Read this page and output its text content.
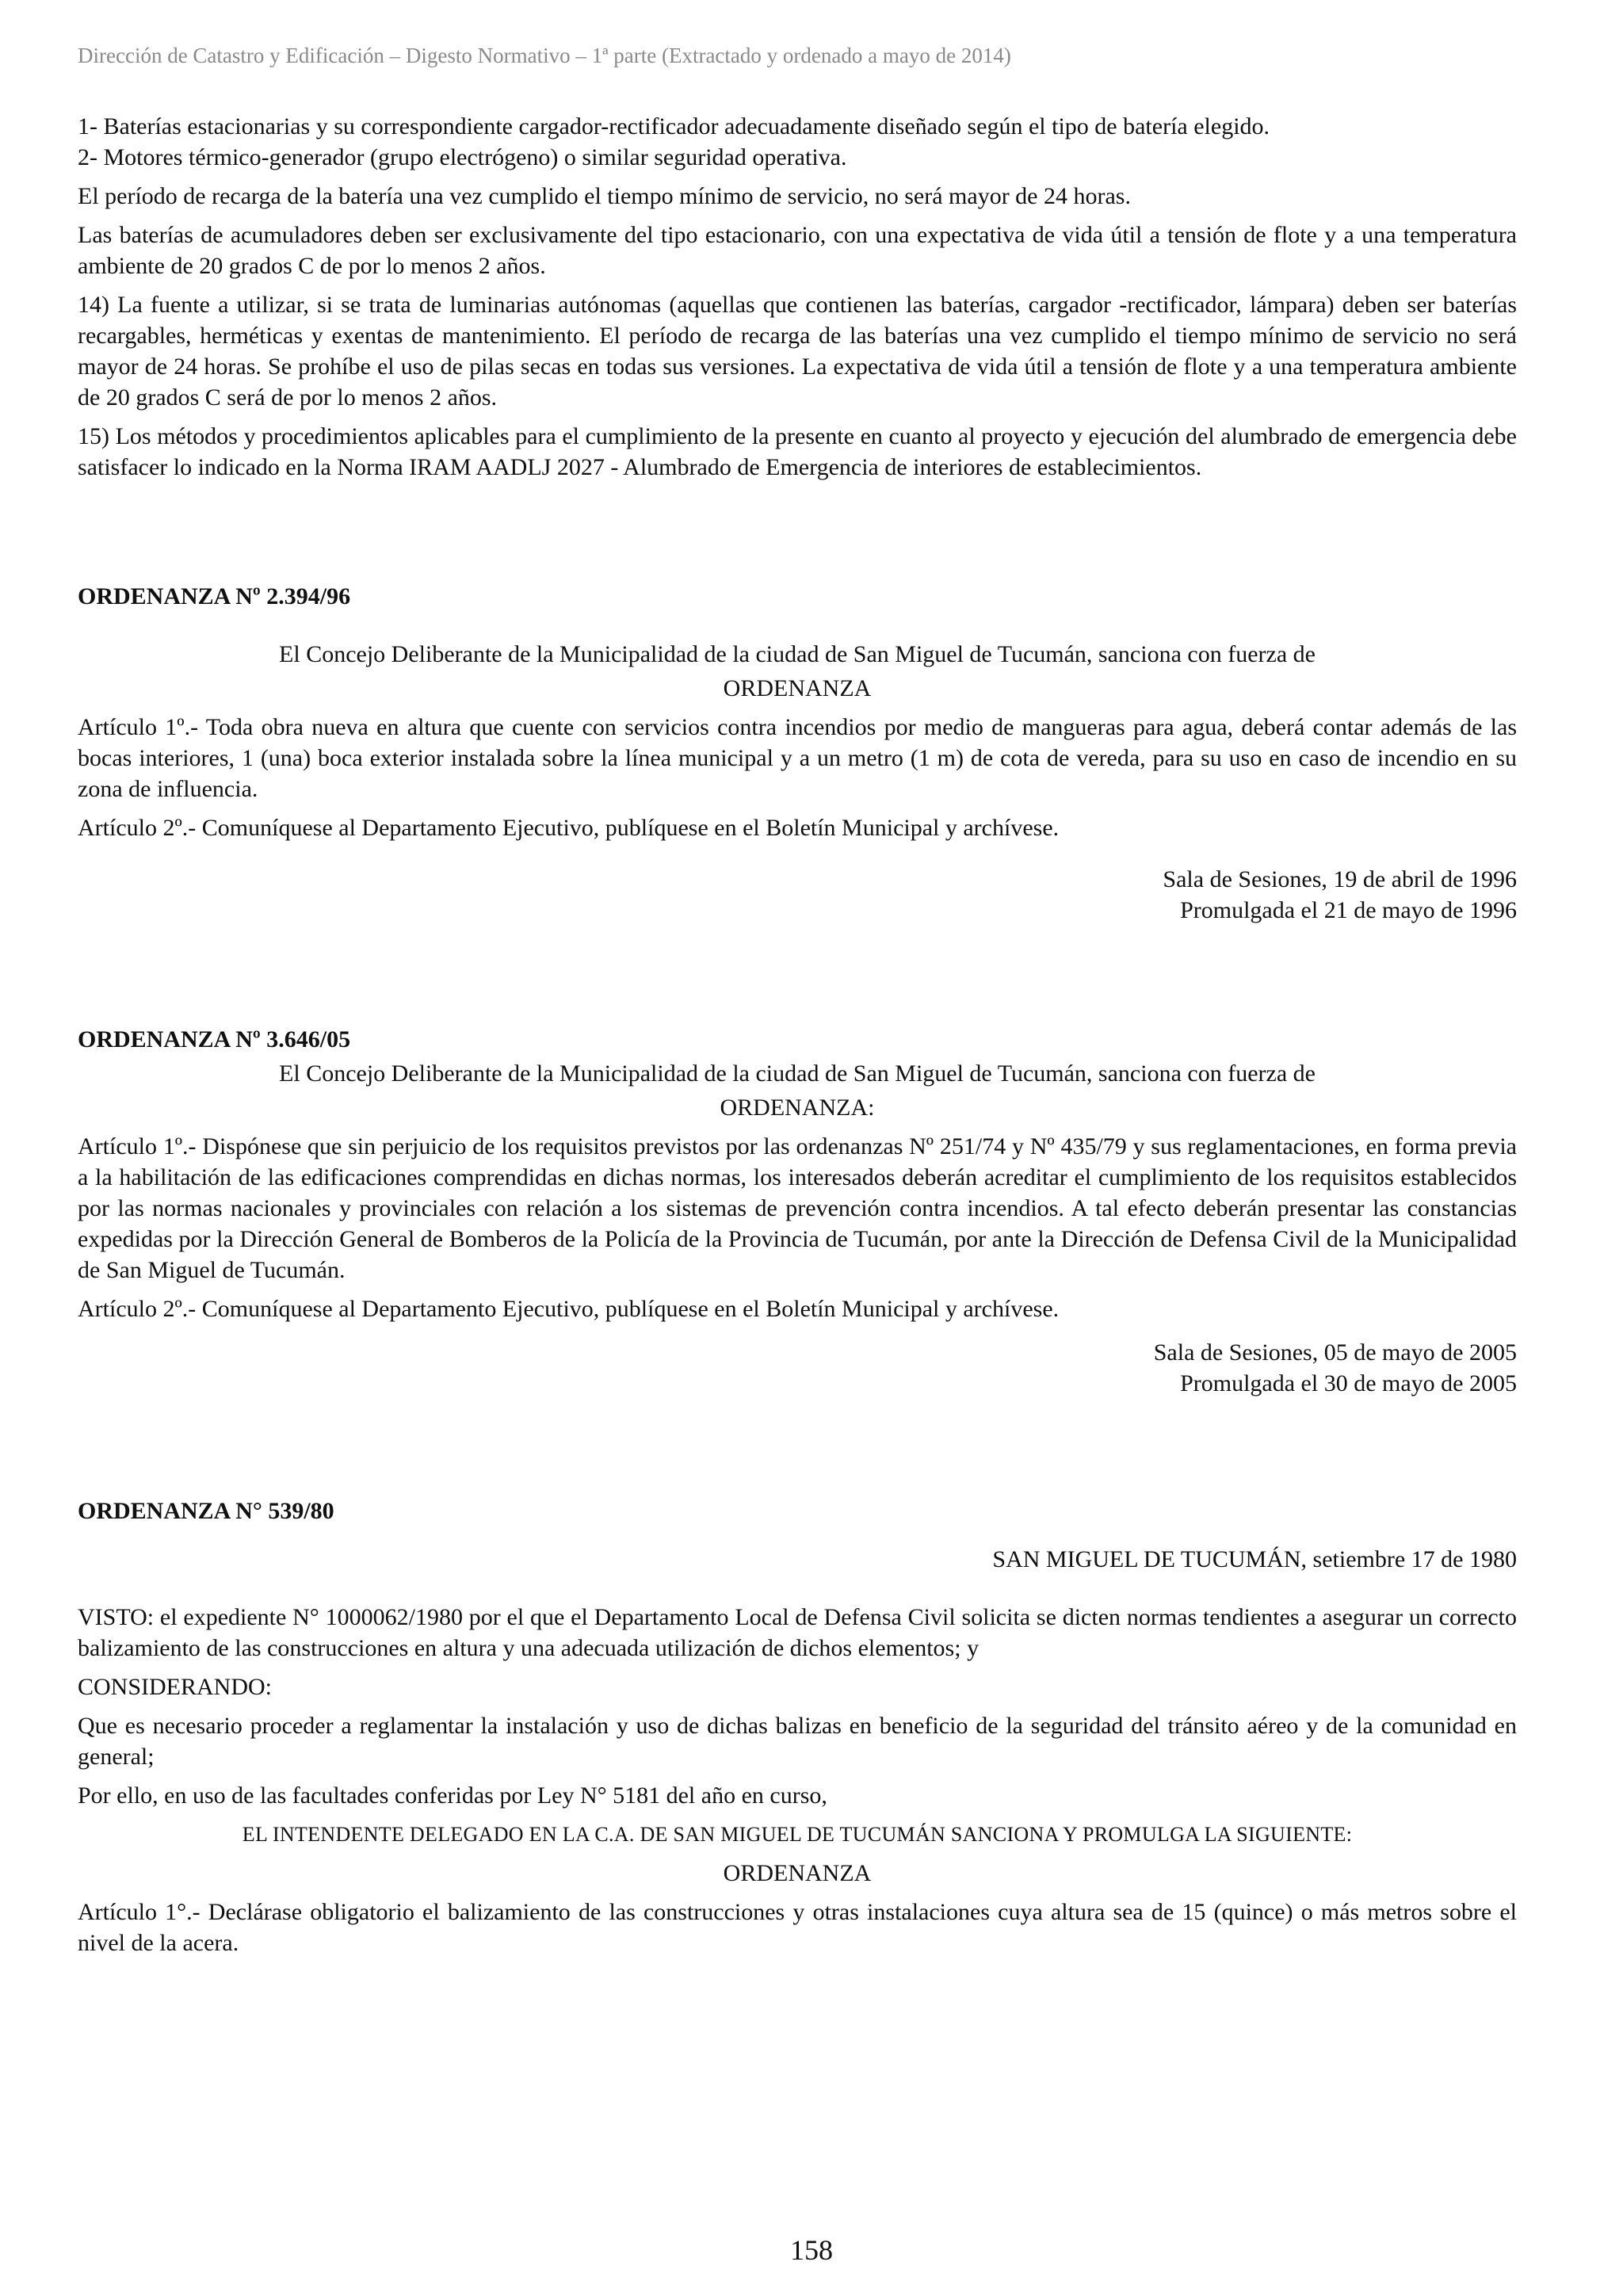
Dirección de Catastro y Edificación – Digesto Normativo – 1ª parte (Extractado y ordenado a mayo de 2014)

1- Baterías estacionarias y su correspondiente cargador-rectificador adecuadamente diseñado según el tipo de batería elegido.

2- Motores térmico-generador (grupo electrógeno) o similar seguridad operativa.

El período de recarga de la batería una vez cumplido el tiempo mínimo de servicio, no será mayor de 24 horas.

Las baterías de acumuladores deben ser exclusivamente del tipo estacionario, con una expectativa de vida útil a tensión de flote y a una temperatura ambiente de 20 grados C de por lo menos 2 años.

14) La fuente a utilizar, si se trata de luminarias autónomas (aquellas que contienen las baterías, cargador -rectificador, lámpara) deben ser baterías recargables, herméticas y exentas de mantenimiento. El período de recarga de las baterías una vez cumplido el tiempo mínimo de servicio no será mayor de 24 horas. Se prohíbe el uso de pilas secas en todas sus versiones. La expectativa de vida útil a tensión de flote y a una temperatura ambiente de 20 grados C será de por lo menos 2 años.

15) Los métodos y procedimientos aplicables para el cumplimiento de la presente en cuanto al proyecto y ejecución del alumbrado de emergencia debe satisfacer lo indicado en la Norma IRAM AADLJ 2027 - Alumbrado de Emergencia de interiores de establecimientos.

ORDENANZA Nº 2.394/96

El Concejo Deliberante de la Municipalidad de la ciudad de San Miguel de Tucumán, sanciona con fuerza de

ORDENANZA

Artículo 1º.- Toda obra nueva en altura que cuente con servicios contra incendios por medio de mangueras para agua, deberá contar además de las bocas interiores, 1 (una) boca exterior instalada sobre la línea municipal y a un metro (1 m) de cota de vereda, para su uso en caso de incendio en su zona de influencia.

Artículo 2º.- Comuníquese al Departamento Ejecutivo, publíquese en el Boletín Municipal y archívese.

Sala de Sesiones, 19 de abril de 1996

Promulgada el 21 de mayo de 1996

ORDENANZA Nº 3.646/05

El Concejo Deliberante de la Municipalidad de la ciudad de San Miguel de Tucumán, sanciona con fuerza de

ORDENANZA:

Artículo 1º.- Dispónese que sin perjuicio de los requisitos previstos por las ordenanzas Nº 251/74 y Nº 435/79 y sus reglamentaciones, en forma previa a la habilitación de las edificaciones comprendidas en dichas normas, los interesados deberán acreditar el cumplimiento de los requisitos establecidos por las normas nacionales y provinciales con relación a los sistemas de prevención contra incendios. A tal efecto deberán presentar las constancias expedidas por la Dirección General de Bomberos de la Policía de la Provincia de Tucumán, por ante la Dirección de Defensa Civil de la Municipalidad de San Miguel de Tucumán.

Artículo 2º.- Comuníquese al Departamento Ejecutivo, publíquese en el Boletín Municipal y archívese.

Sala de Sesiones, 05 de mayo de 2005

Promulgada el 30 de mayo de 2005

ORDENANZA N° 539/80

SAN MIGUEL DE TUCUMÁN, setiembre 17 de 1980

VISTO: el expediente N° 1000062/1980 por el que el Departamento Local de Defensa Civil solicita se dicten normas tendientes a asegurar un correcto balizamiento de las construcciones en altura y una adecuada utilización de dichos elementos; y

CONSIDERANDO:

Que es necesario proceder a reglamentar la instalación y uso de dichas balizas en beneficio de la seguridad del tránsito aéreo y de la comunidad en general;

Por ello, en uso de las facultades conferidas por Ley N° 5181 del año en curso,

EL INTENDENTE DELEGADO EN LA C.A. DE SAN MIGUEL DE TUCUMÁN SANCIONA Y PROMULGA LA SIGUIENTE:

ORDENANZA

Artículo 1°.- Declárase obligatorio el balizamiento de las construcciones y otras instalaciones cuya altura sea de 15 (quince) o más metros sobre el nivel de la acera.

158
